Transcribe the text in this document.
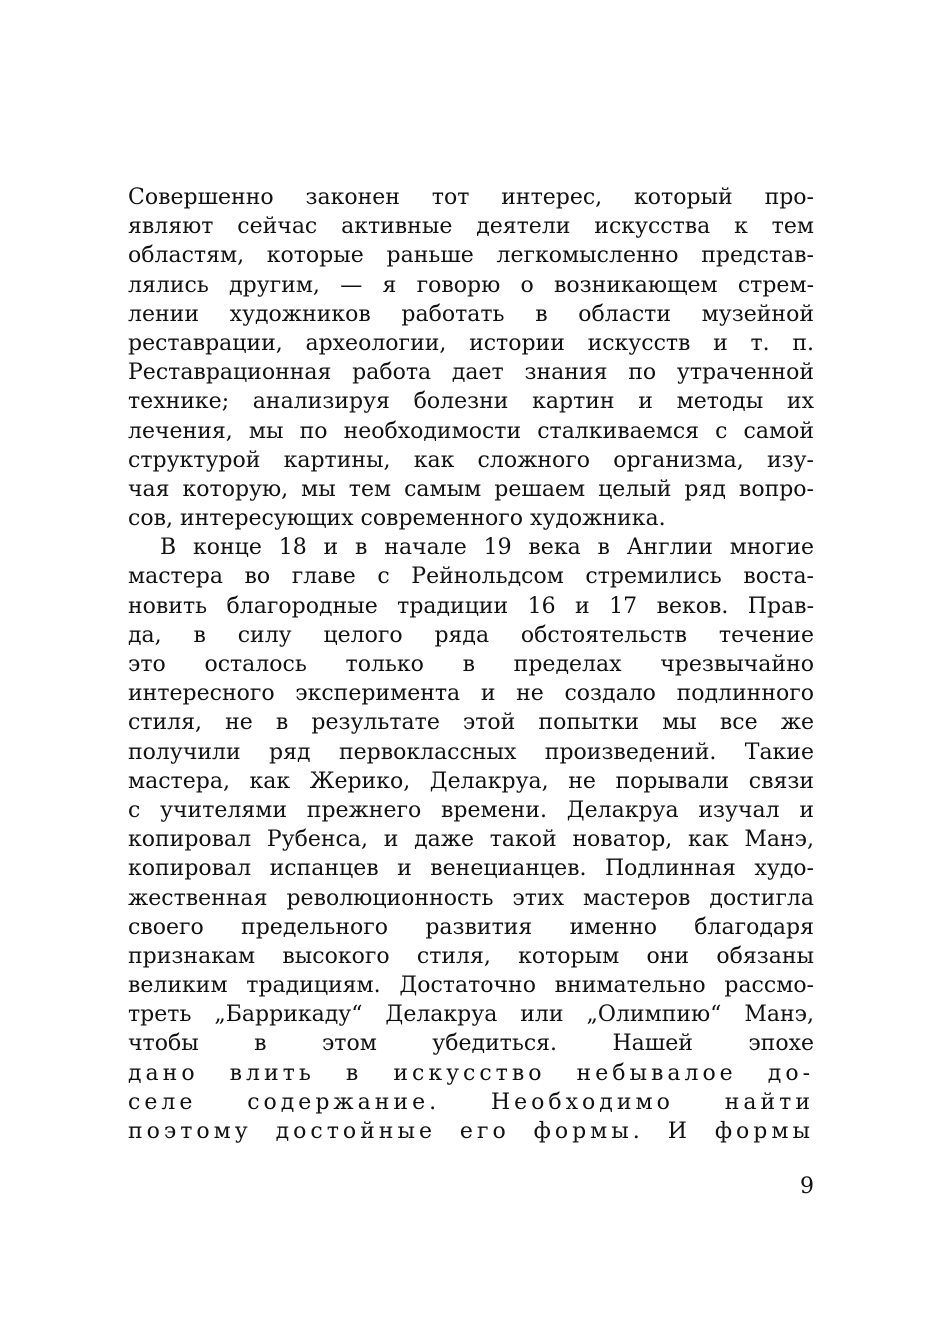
Совершенно законен тот интерес, который про-
являют сейчас активные деятели искусства к тем
областям, которые раньше легкомысленно представ-
лялись другим, — я говорю о возникающем стрем-
лении художников работать в области музейной
реставрации, археологии, истории искусств и т. п.
Реставрационная работа дает знания по утраченной
технике; анализируя болезни картин и методы их
лечения, мы по необходимости сталкиваемся с самой
структурой картины, как сложного организма, изу-
чая которую, мы тем самым решаем целый ряд вопро-
сов, интересующих современного художника.
В конце 18 и в начале 19 века в Англии многие
мастера во главе с Рейнольдсом стремились воста-
новить благородные традиции 16 и 17 веков. Прав-
да, в силу целого ряда обстоятельств течение
это осталось только в пределах чрезвычайно
интересного эксперимента и не создало подлинного
стиля, не в результате этой попытки мы все же
получили ряд первоклассных произведений. Такие
мастера, как Жерико, Делакруа, не порывали связи
с учителями прежнего времени. Делакруа изучал и
копировал Рубенса, и даже такой новатор, как Манэ,
копировал испанцев и венецианцев. Подлинная худо-
жественная революционность этих мастеров достигла
своего предельного развития именно благодаря
признакам высокого стиля, которым они обязаны
великим традициям. Достаточно внимательно рассмо-
треть „Баррикаду“ Делакруа или „Олимпию“ Манэ,
чтобы в этом убедиться. Нашей эпохе
дано влить в искусство небывалое до-
селе содержание. Необходимо найти
поэтому достойные его формы. И формы
9
